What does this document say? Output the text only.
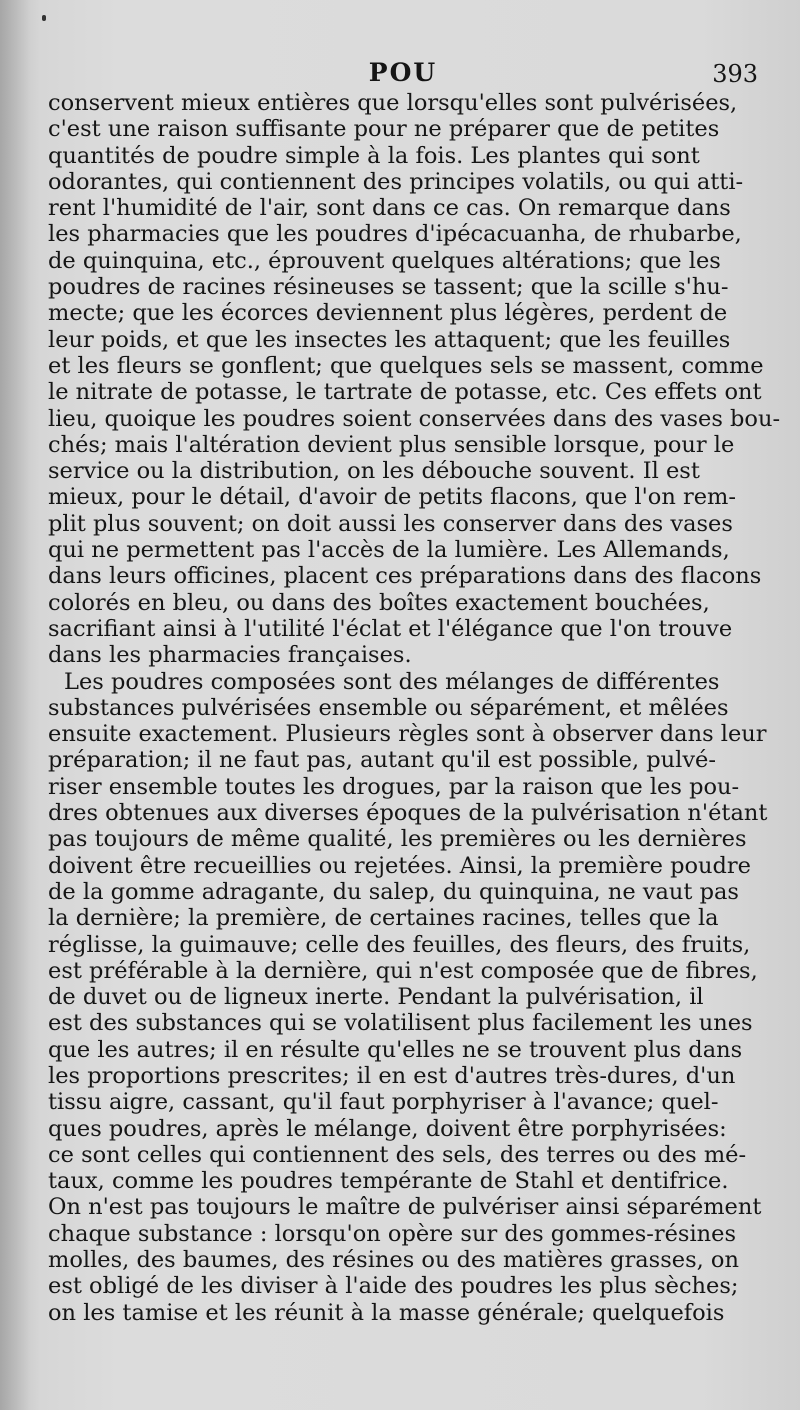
POU	393
conservent mieux entières que lorsqu'elles sont pulvérisées,
c'est une raison suffisante pour ne préparer que de petites
quantités de poudre simple à la fois. Les plantes qui sont
odorantes, qui contiennent des principes volatils, ou qui atti-
rent l'humidité de l'air, sont dans ce cas. On remarque dans
les pharmacies que les poudres d'ipécacuanha, de rhubarbe,
de quinquina, etc., éprouvent quelques altérations; que les
poudres de racines résineuses se tassent; que la scille s'hu-
mecte; que les écorces deviennent plus légères, perdent de
leur poids, et que les insectes les attaquent; que les feuilles
et les fleurs se gonflent; que quelques sels se massent, comme
le nitrate de potasse, le tartrate de potasse, etc. Ces effets ont
lieu, quoique les poudres soient conservées dans des vases bou-
chés; mais l'altération devient plus sensible lorsque, pour le
service ou la distribution, on les débouche souvent. Il est
mieux, pour le détail, d'avoir de petits flacons, que l'on rem-
plit plus souvent; on doit aussi les conserver dans des vases
qui ne permettent pas l'accès de la lumière. Les Allemands,
dans leurs officines, placent ces préparations dans des flacons
colorés en bleu, ou dans des boîtes exactement bouchées,
sacrifiant ainsi à l'utilité l'éclat et l'élégance que l'on trouve
dans les pharmacies françaises.
Les poudres composées sont des mélanges de différentes
substances pulvérisées ensemble ou séparément, et mêlées
ensuite exactement. Plusieurs règles sont à observer dans leur
préparation; il ne faut pas, autant qu'il est possible, pulvé-
riser ensemble toutes les drogues, par la raison que les pou-
dres obtenues aux diverses époques de la pulvérisation n'étant
pas toujours de même qualité, les premières ou les dernières
doivent être recueillies ou rejetées. Ainsi, la première poudre
de la gomme adragante, du salep, du quinquina, ne vaut pas
la dernière; la première, de certaines racines, telles que la
réglisse, la guimauve; celle des feuilles, des fleurs, des fruits,
est préférable à la dernière, qui n'est composée que de fibres,
de duvet ou de ligneux inerte. Pendant la pulvérisation, il
est des substances qui se volatilisent plus facilement les unes
que les autres; il en résulte qu'elles ne se trouvent plus dans
les proportions prescrites; il en est d'autres très-dures, d'un
tissu aigre, cassant, qu'il faut porphyriser à l'avance; quel-
ques poudres, après le mélange, doivent être porphyrisées:
ce sont celles qui contiennent des sels, des terres ou des mé-
taux, comme les poudres tempérante de Stahl et dentifrice.
On n'est pas toujours le maître de pulvériser ainsi séparément
chaque substance : lorsqu'on opère sur des gommes-résines
molles, des baumes, des résines ou des matières grasses, on
est obligé de les diviser à l'aide des poudres les plus sèches;
on les tamise et les réunit à la masse générale; quelquefois
